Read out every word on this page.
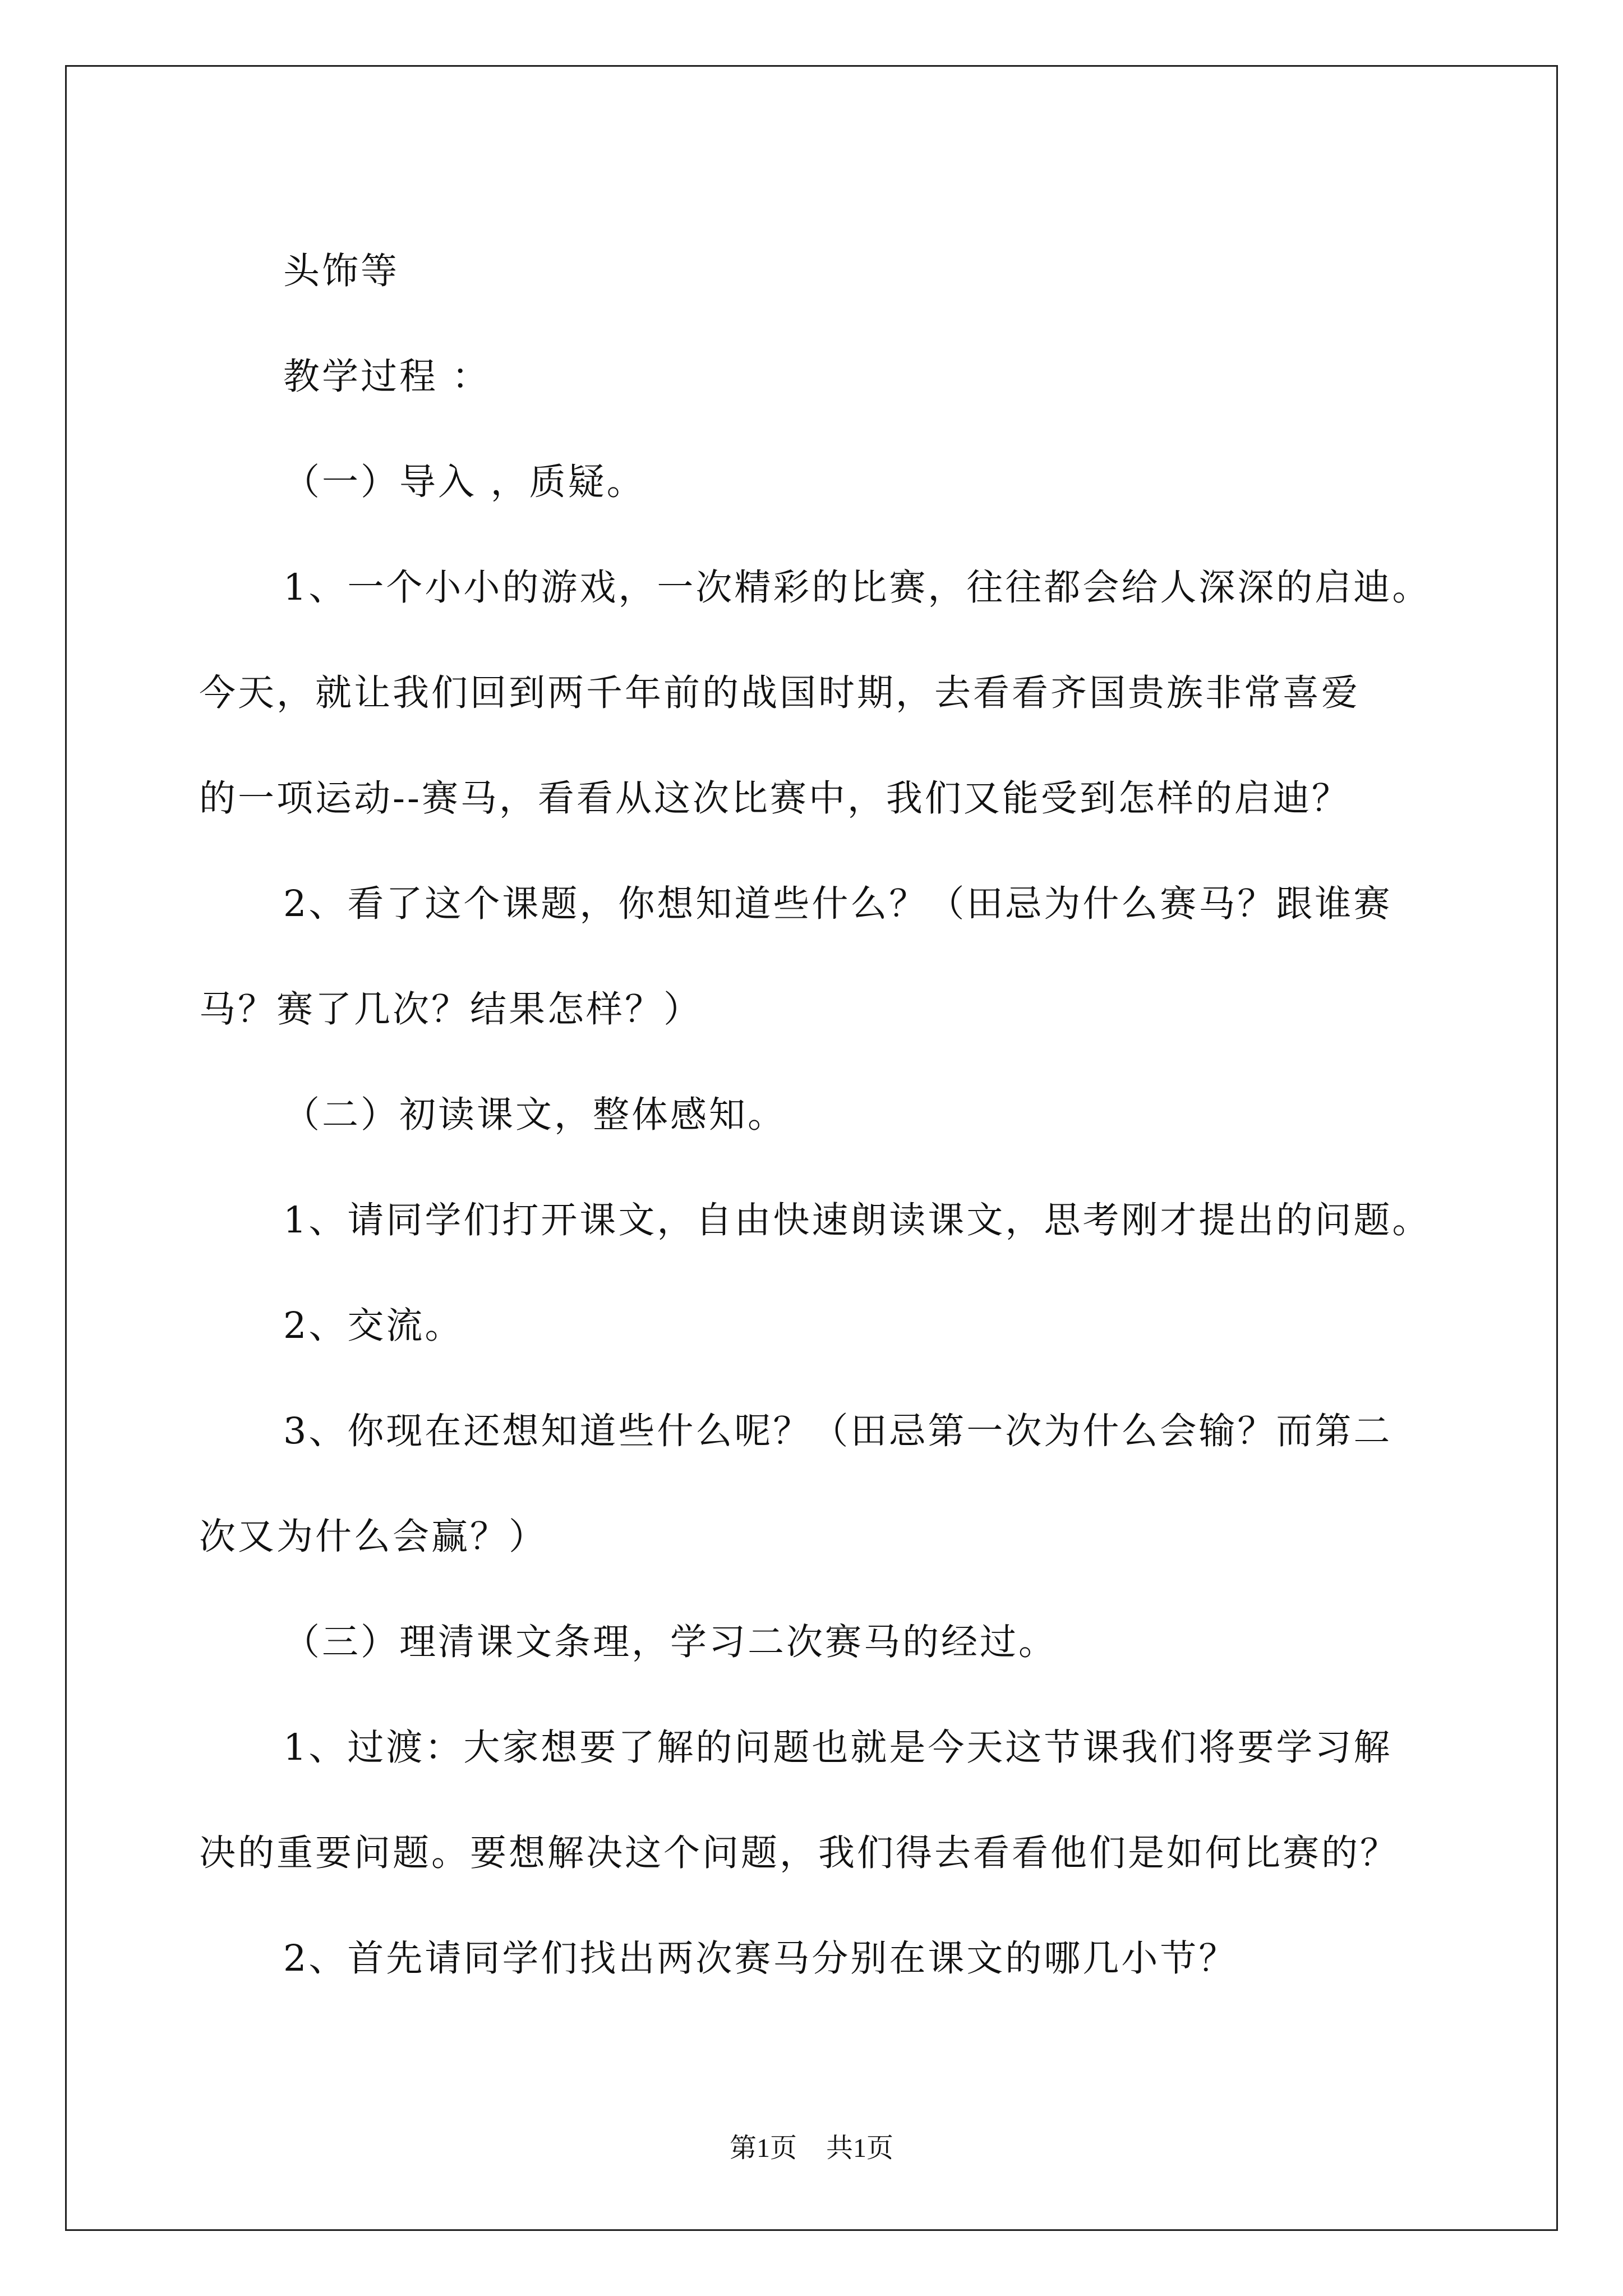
头饰等
教学过程 ：
（一）导入 ，质疑。
1、一个小小的游戏，一次精彩的比赛，往往都会给人深深的启迪。
今天，就让我们回到两千年前的战国时期，去看看齐国贵族非常喜爱
的一项运动--赛马，看看从这次比赛中，我们又能受到怎样的启迪？
2、看了这个课题，你想知道些什么？（田忌为什么赛马？跟谁赛
马？赛了几次？结果怎样？）
（二）初读课文，整体感知。
1、请同学们打开课文，自由快速朗读课文，思考刚才提出的问题。
2、交流。
3、你现在还想知道些什么呢？（田忌第一次为什么会输？而第二
次又为什么会赢？）
（三）理清课文条理，学习二次赛马的经过。
1、过渡：大家想要了解的问题也就是今天这节课我们将要学习解
决的重要问题。要想解决这个问题，我们得去看看他们是如何比赛的？
2、首先请同学们找出两次赛马分别在课文的哪几小节？
第1页 共1页
